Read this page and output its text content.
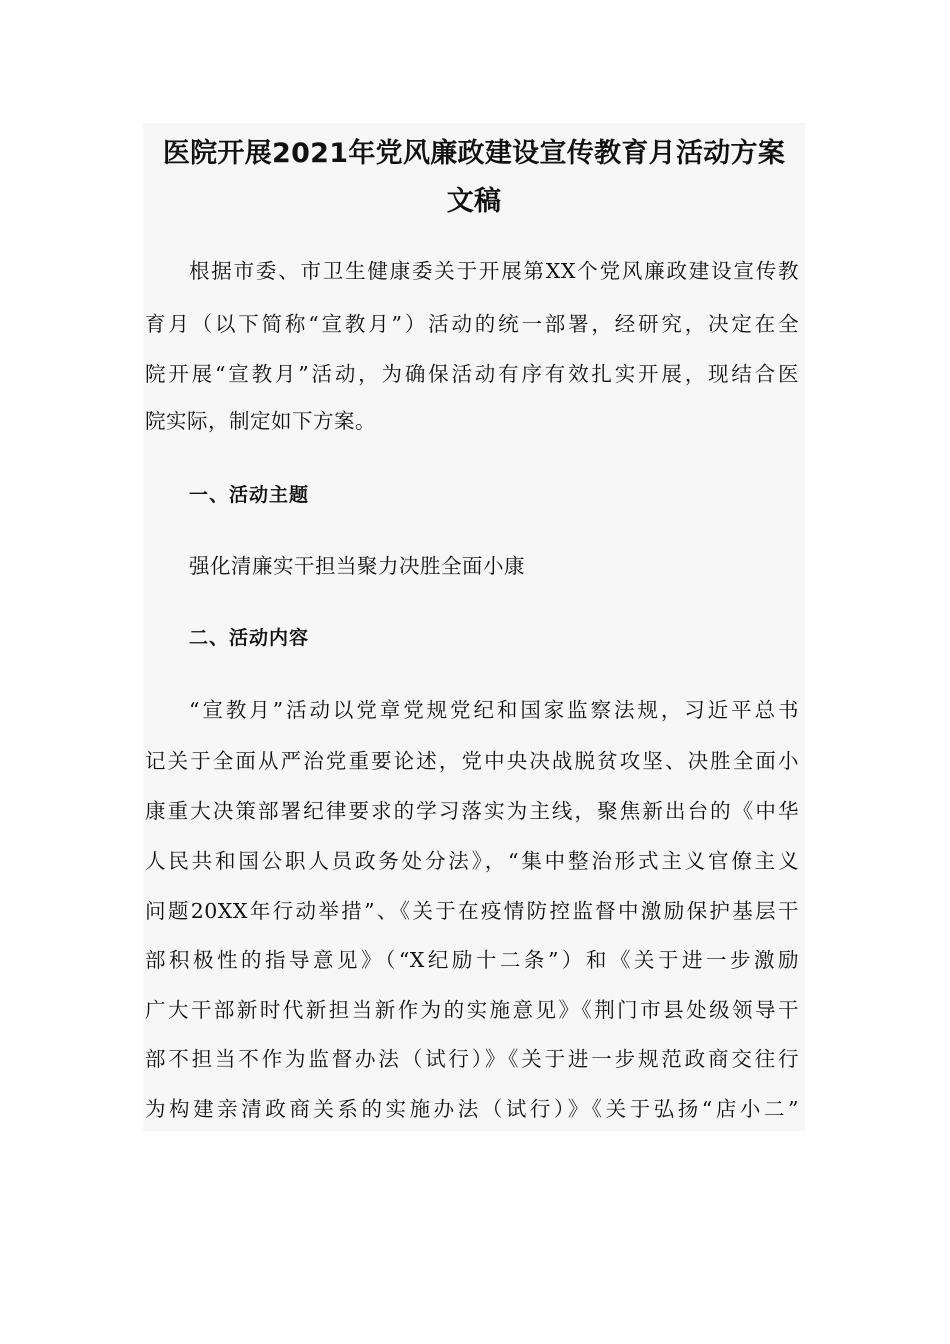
医院开展2021年党风廉政建设宣传教育月活动方案
文稿
根据市委、市卫生健康委关于开展第XX个党风廉政建设宣传教
育月（以下简称“宣教月”）活动的统一部署，经研究，决定在全
院开展“宣教月”活动，为确保活动有序有效扎实开展，现结合医
院实际，制定如下方案。
一、活动主题
强化清廉实干担当聚力决胜全面小康
二、活动内容
“宣教月”活动以党章党规党纪和国家监察法规，习近平总书
记关于全面从严治党重要论述，党中央决战脱贫攻坚、决胜全面小
康重大决策部署纪律要求的学习落实为主线，聚焦新出台的《中华
人民共和国公职人员政务处分法》，“集中整治形式主义官僚主义
问题20XX年行动举措”、《关于在疫情防控监督中激励保护基层干
部积极性的指导意见》（“X纪励十二条”）和《关于进一步激励
广大干部新时代新担当新作为的实施意见》《荆门市县处级领导干
部不担当不作为监督办法（试行）》《关于进一步规范政商交往行
为构建亲清政商关系的实施办法（试行）》《关于弘扬“店小二”
